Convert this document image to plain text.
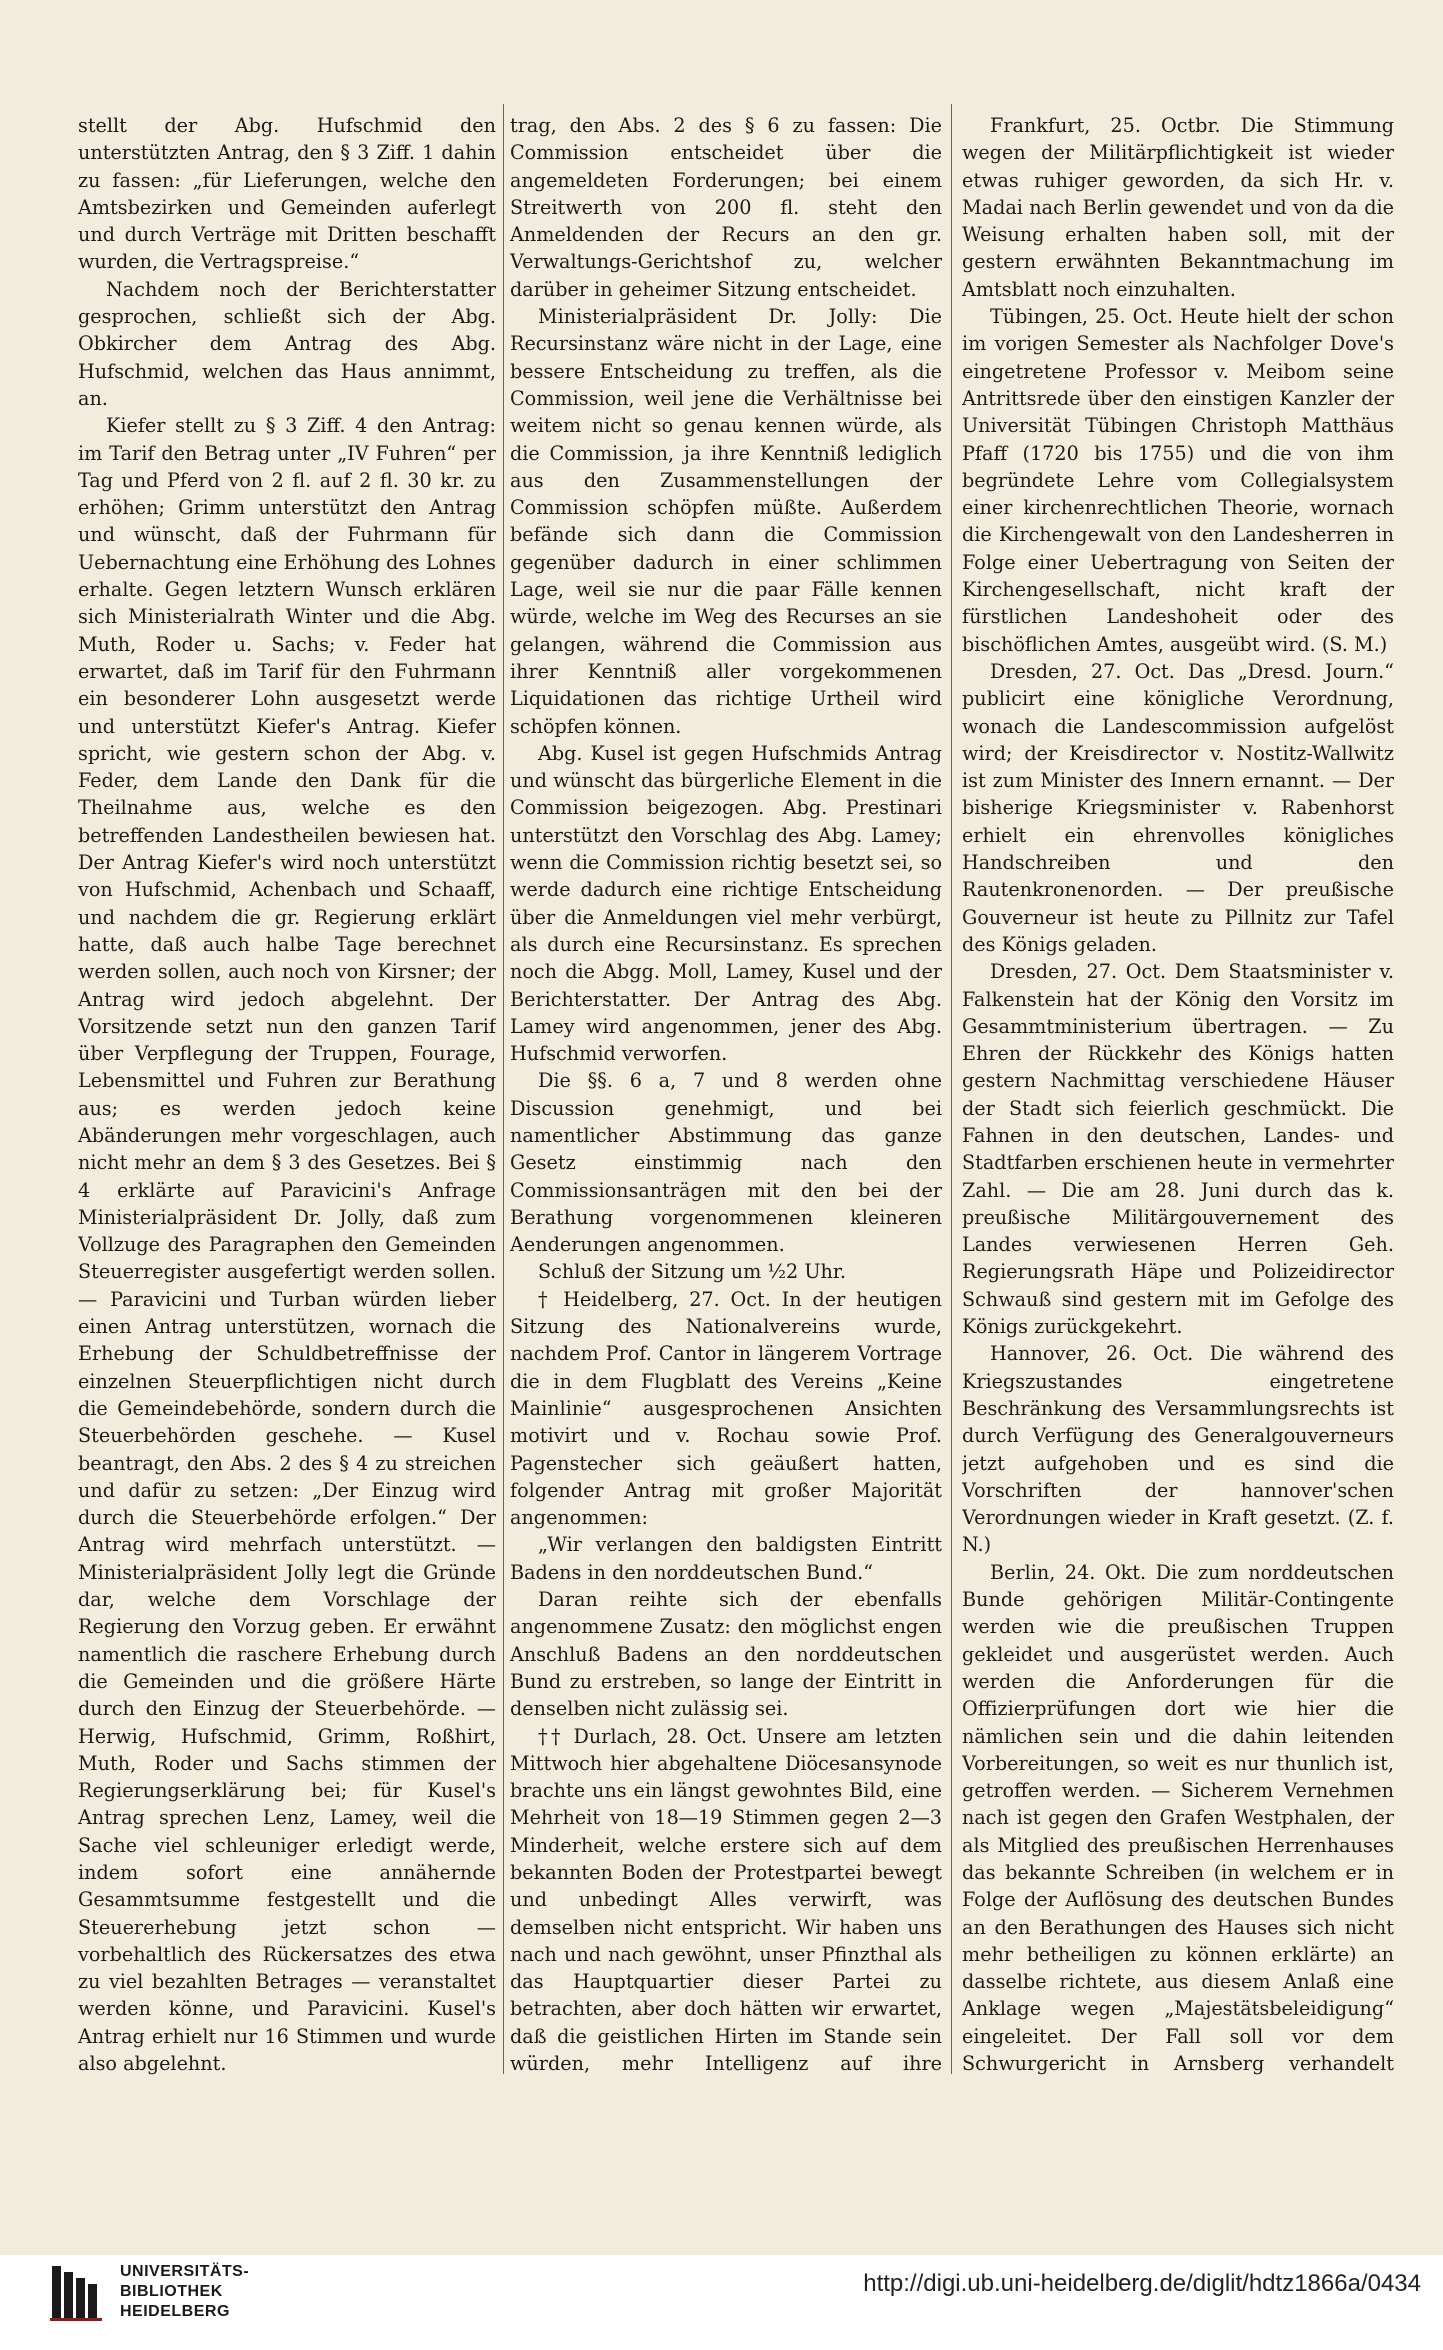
stellt der Abg. Hufschmid den unterstützten Antrag, den § 3 Ziff. 1 dahin zu fassen: „für Lieferungen, welche den Amtsbezirken und Gemeinden auferlegt und durch Verträge mit Dritten beschafft wurden, die Vertragspreise.“

Nachdem noch der Berichterstatter gesprochen, schließt sich der Abg. Obkircher dem Antrag des Abg. Hufschmid, welchen das Haus annimmt, an.

Kiefer stellt zu § 3 Ziff. 4 den Antrag: im Tarif den Betrag unter „IV Fuhren“ per Tag und Pferd von 2 fl. auf 2 fl. 30 kr. zu erhöhen; Grimm unterstützt den Antrag und wünscht, daß der Fuhrmann für Uebernachtung eine Erhöhung des Lohnes erhalte. Gegen letztern Wunsch erklären sich Ministerialrath Winter und die Abg. Muth, Roder u. Sachs; v. Feder hat erwartet, daß im Tarif für den Fuhrmann ein besonderer Lohn ausgesetzt werde und unterstützt Kiefer's Antrag. Kiefer spricht, wie gestern schon der Abg. v. Feder, dem Lande den Dank für die Theilnahme aus, welche es den betreffenden Landestheilen bewiesen hat. Der Antrag Kiefer's wird noch unterstützt von Hufschmid, Achenbach und Schaaff, und nachdem die gr. Regierung erklärt hatte, daß auch halbe Tage berechnet werden sollen, auch noch von Kirsner; der Antrag wird jedoch abgelehnt. Der Vorsitzende setzt nun den ganzen Tarif über Verpflegung der Truppen, Fourage, Lebensmittel und Fuhren zur Berathung aus; es werden jedoch keine Abänderungen mehr vorgeschlagen, auch nicht mehr an dem § 3 des Gesetzes. Bei § 4 erklärte auf Paravicini's Anfrage Ministerialpräsident Dr. Jolly, daß zum Vollzuge des Paragraphen den Gemeinden Steuerregister ausgefertigt werden sollen. — Paravicini und Turban würden lieber einen Antrag unterstützen, wornach die Erhebung der Schuldbetreffnisse der einzelnen Steuerpflichtigen nicht durch die Gemeindebehörde, sondern durch die Steuerbehörden geschehe. — Kusel beantragt, den Abs. 2 des § 4 zu streichen und dafür zu setzen: „Der Einzug wird durch die Steuerbehörde erfolgen.“ Der Antrag wird mehrfach unterstützt. — Ministerialpräsident Jolly legt die Gründe dar, welche dem Vorschlage der Regierung den Vorzug geben. Er erwähnt namentlich die raschere Erhebung durch die Gemeinden und die größere Härte durch den Einzug der Steuerbehörde. — Herwig, Hufschmid, Grimm, Roßhirt, Muth, Roder und Sachs stimmen der Regierungserklärung bei; für Kusel's Antrag sprechen Lenz, Lamey, weil die Sache viel schleuniger erledigt werde, indem sofort eine annähernde Gesammtsumme festgestellt und die Steuererhebung jetzt schon — vorbehaltlich des Rückersatzes des etwa zu viel bezahlten Betrages — veranstaltet werden könne, und Paravicini. Kusel's Antrag erhielt nur 16 Stimmen und wurde also abgelehnt.

trag, den Abs. 2 des § 6 zu fassen: Die Commission entscheidet über die angemeldeten Forderungen; bei einem Streitwerth von 200 fl. steht den Anmeldenden der Recurs an den gr. Verwaltungs-Gerichtshof zu, welcher darüber in geheimer Sitzung entscheidet.

Ministerialpräsident Dr. Jolly: Die Recursinstanz wäre nicht in der Lage, eine bessere Entscheidung zu treffen, als die Commission, weil jene die Verhältnisse bei weitem nicht so genau kennen würde, als die Commission, ja ihre Kenntniß lediglich aus den Zusammenstellungen der Commission schöpfen müßte. Außerdem befände sich dann die Commission gegenüber dadurch in einer schlimmen Lage, weil sie nur die paar Fälle kennen würde, welche im Weg des Recurses an sie gelangen, während die Commission aus ihrer Kenntniß aller vorgekommenen Liquidationen das richtige Urtheil wird schöpfen können.

Abg. Kusel ist gegen Hufschmids Antrag und wünscht das bürgerliche Element in die Commission beigezogen. Abg. Prestinari unterstützt den Vorschlag des Abg. Lamey; wenn die Commission richtig besetzt sei, so werde dadurch eine richtige Entscheidung über die Anmeldungen viel mehr verbürgt, als durch eine Recursinstanz. Es sprechen noch die Abgg. Moll, Lamey, Kusel und der Berichterstatter. Der Antrag des Abg. Lamey wird angenommen, jener des Abg. Hufschmid verworfen.

Die §§. 6 a, 7 und 8 werden ohne Discussion genehmigt, und bei namentlicher Abstimmung das ganze Gesetz einstimmig nach den Commissionsanträgen mit den bei der Berathung vorgenommenen kleineren Aenderungen angenommen.

Schluß der Sitzung um ½2 Uhr.

† Heidelberg, 27. Oct. In der heutigen Sitzung des Nationalvereins wurde, nachdem Prof. Cantor in längerem Vortrage die in dem Flugblatt des Vereins „Keine Mainlinie“ ausgesprochenen Ansichten motivirt und v. Rochau sowie Prof. Pagenstecher sich geäußert hatten, folgender Antrag mit großer Majorität angenommen:

„Wir verlangen den baldigsten Eintritt Badens in den norddeutschen Bund.“

Daran reihte sich der ebenfalls angenommene Zusatz: den möglichst engen Anschluß Badens an den norddeutschen Bund zu erstreben, so lange der Eintritt in denselben nicht zulässig sei.

†† Durlach, 28. Oct. Unsere am letzten Mittwoch hier abgehaltene Diöcesansynode brachte uns ein längst gewohntes Bild, eine Mehrheit von 18—19 Stimmen gegen 2—3 Minderheit, welche erstere sich auf dem bekannten Boden der Protestpartei bewegt und unbedingt Alles verwirft, was demselben nicht entspricht. Wir haben uns nach und nach gewöhnt, unser Pfinzthal als das Hauptquartier dieser Partei zu betrachten, aber doch hätten wir erwartet, daß die geistlichen Hirten im Stande sein würden, mehr Intelligenz auf ihre

Frankfurt, 25. Octbr. Die Stimmung wegen der Militärpflichtigkeit ist wieder etwas ruhiger geworden, da sich Hr. v. Madai nach Berlin gewendet und von da die Weisung erhalten haben soll, mit der gestern erwähnten Bekanntmachung im Amtsblatt noch einzuhalten.

Tübingen, 25. Oct. Heute hielt der schon im vorigen Semester als Nachfolger Dove's eingetretene Professor v. Meibom seine Antrittsrede über den einstigen Kanzler der Universität Tübingen Christoph Matthäus Pfaff (1720 bis 1755) und die von ihm begründete Lehre vom Collegialsystem einer kirchenrechtlichen Theorie, wornach die Kirchengewalt von den Landesherren in Folge einer Uebertragung von Seiten der Kirchengesellschaft, nicht kraft der fürstlichen Landeshoheit oder des bischöflichen Amtes, ausgeübt wird. (S. M.)

Dresden, 27. Oct. Das „Dresd. Journ.“ publicirt eine königliche Verordnung, wonach die Landescommission aufgelöst wird; der Kreisdirector v. Nostitz-Wallwitz ist zum Minister des Innern ernannt. — Der bisherige Kriegsminister v. Rabenhorst erhielt ein ehrenvolles königliches Handschreiben und den Rautenkronenorden. — Der preußische Gouverneur ist heute zu Pillnitz zur Tafel des Königs geladen.

Dresden, 27. Oct. Dem Staatsminister v. Falkenstein hat der König den Vorsitz im Gesammtministerium übertragen. — Zu Ehren der Rückkehr des Königs hatten gestern Nachmittag verschiedene Häuser der Stadt sich feierlich geschmückt. Die Fahnen in den deutschen, Landes- und Stadtfarben erschienen heute in vermehrter Zahl. — Die am 28. Juni durch das k. preußische Militärgouvernement des Landes verwiesenen Herren Geh. Regierungsrath Häpe und Polizeidirector Schwauß sind gestern mit im Gefolge des Königs zurückgekehrt.

Hannover, 26. Oct. Die während des Kriegszustandes eingetretene Beschränkung des Versammlungsrechts ist durch Verfügung des Generalgouverneurs jetzt aufgehoben und es sind die Vorschriften der hannover'schen Verordnungen wieder in Kraft gesetzt. (Z. f. N.)

Berlin, 24. Okt. Die zum norddeutschen Bunde gehörigen Militär-Contingente werden wie die preußischen Truppen gekleidet und ausgerüstet werden. Auch werden die Anforderungen für die Offizierprüfungen dort wie hier die nämlichen sein und die dahin leitenden Vorbereitungen, so weit es nur thunlich ist, getroffen werden. — Sicherem Vernehmen nach ist gegen den Grafen Westphalen, der als Mitglied des preußischen Herrenhauses das bekannte Schreiben (in welchem er in Folge der Auflösung des deutschen Bundes an den Berathungen des Hauses sich nicht mehr betheiligen zu können erklärte) an dasselbe richtete, aus diesem Anlaß eine Anklage wegen „Majestätsbeleidigung“ eingeleitet. Der Fall soll vor dem Schwurgericht in Arnsberg verhandelt

UNIVERSITÄTS-
BIBLIOTHEK
HEIDELBERG
http://digi.ub.uni-heidelberg.de/diglit/hdtz1866a/0434
